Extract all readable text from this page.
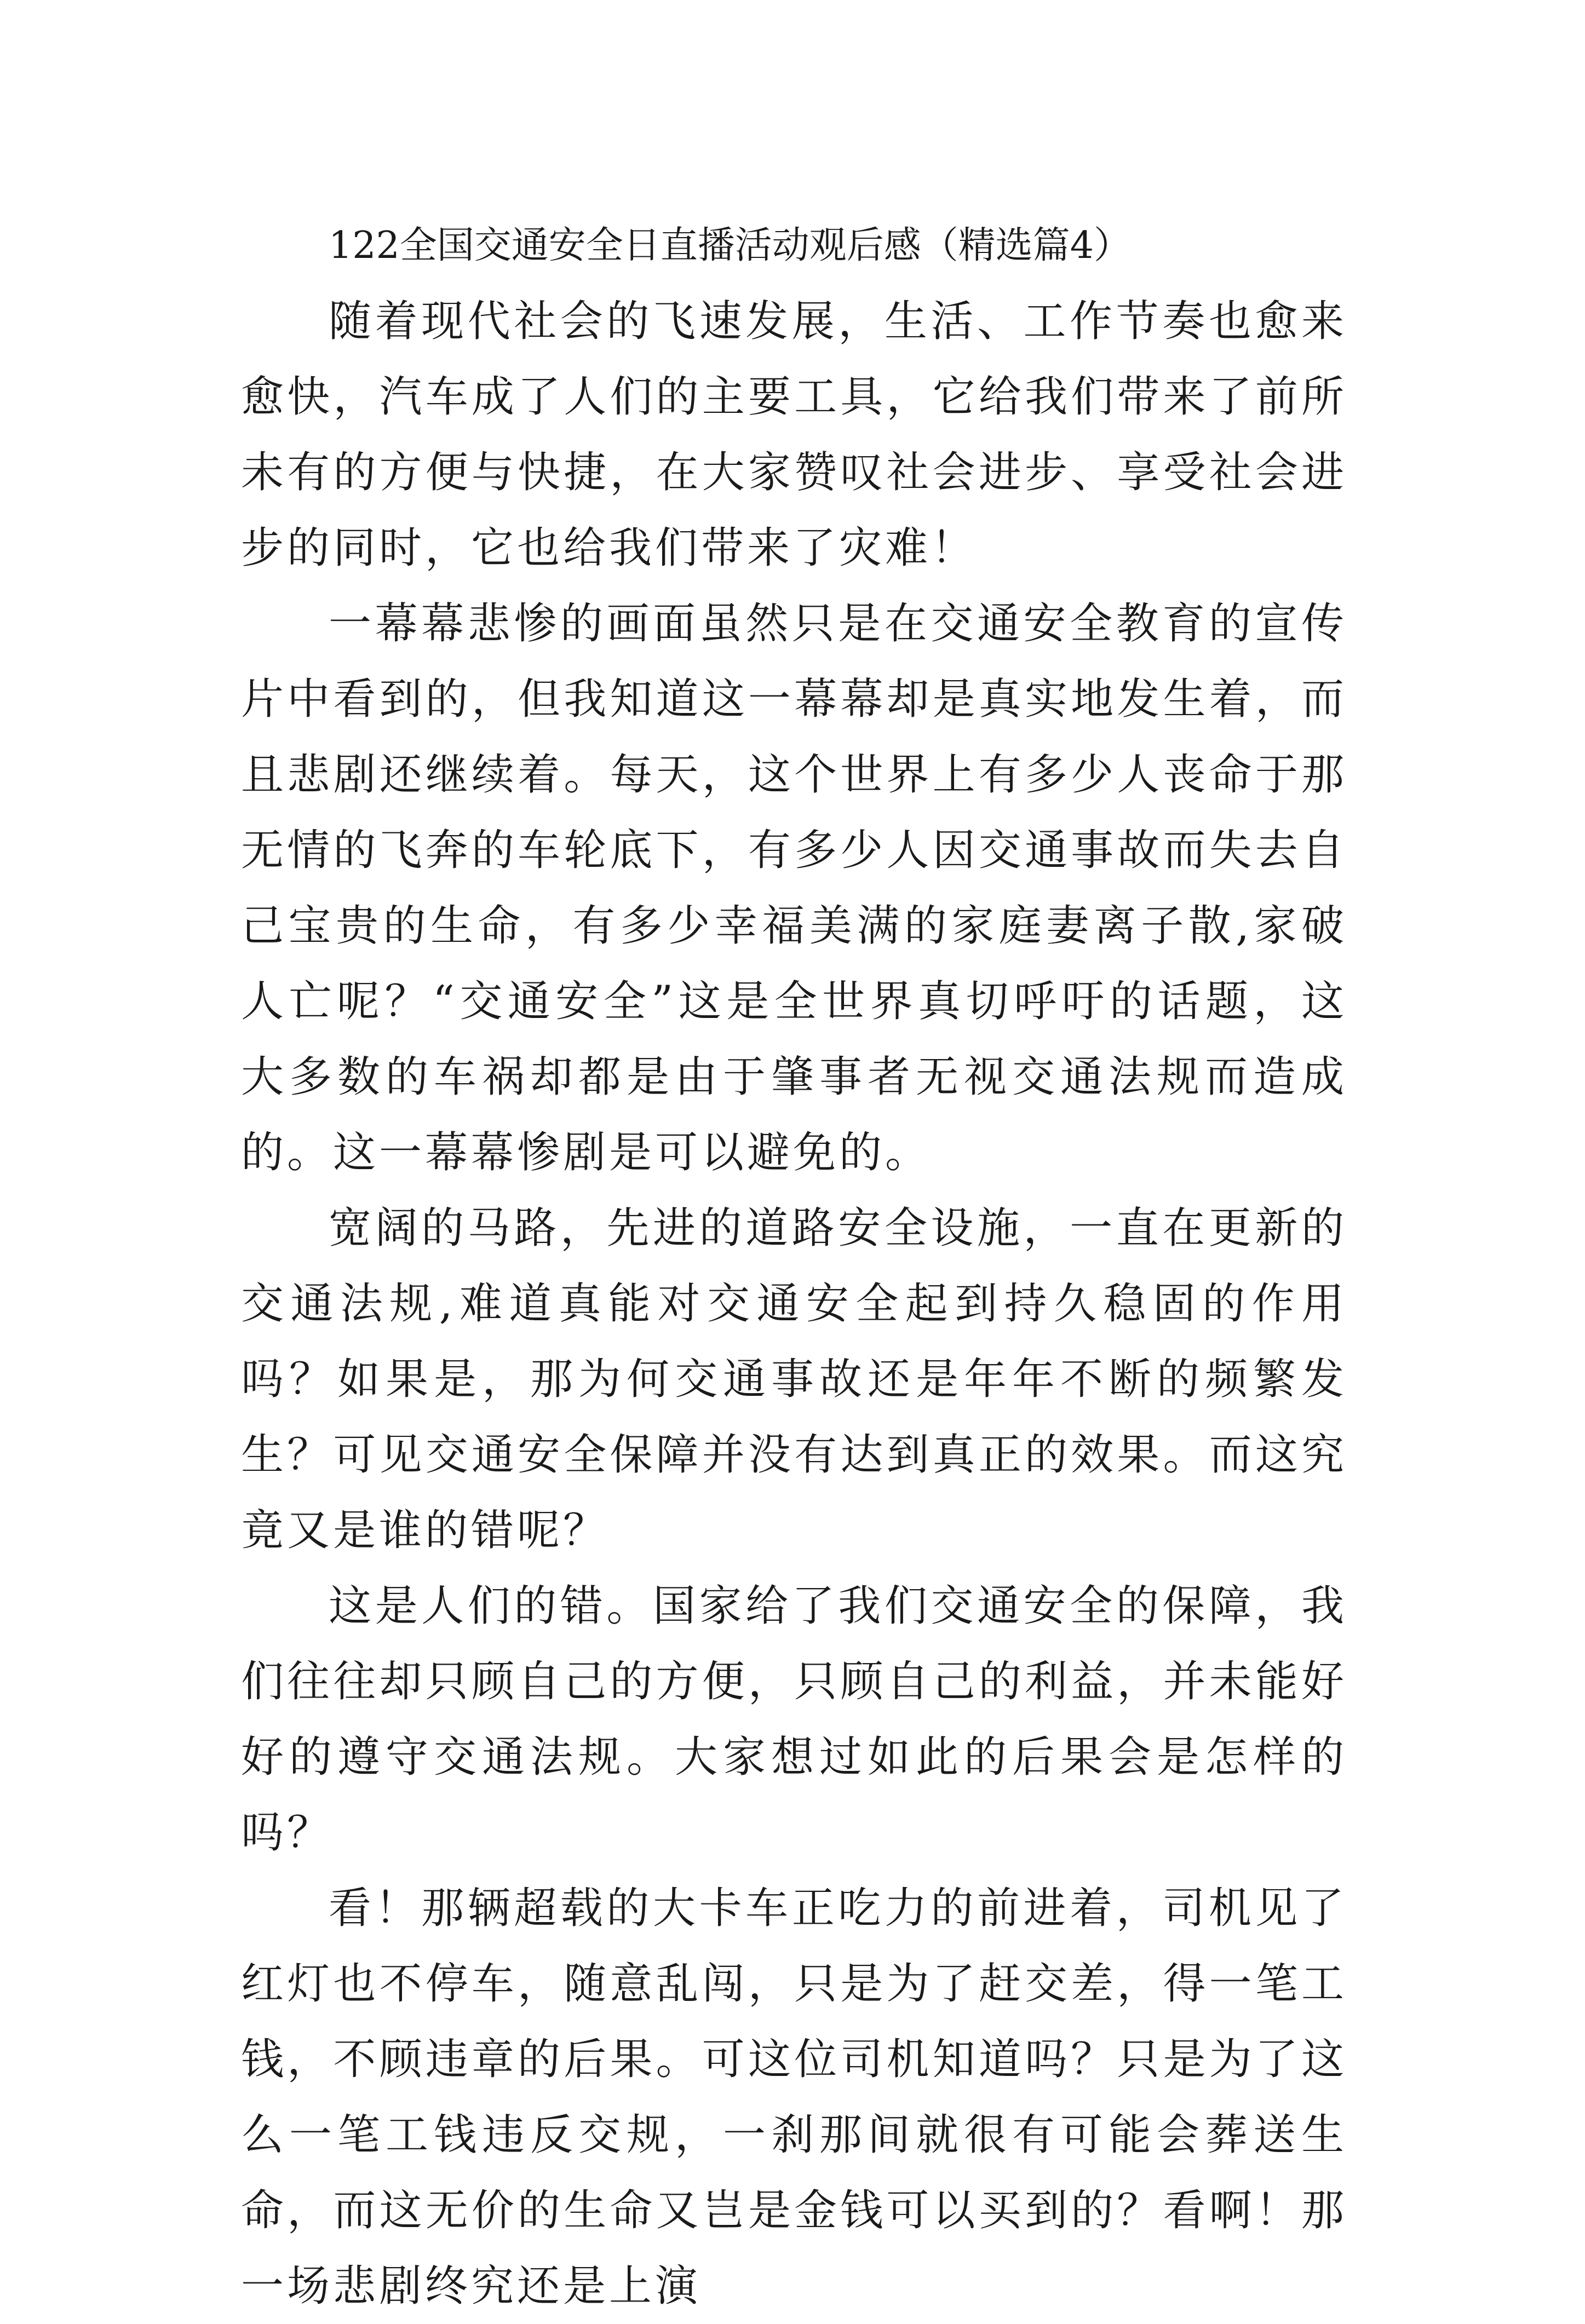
122全国交通安全日直播活动观后感（精选篇4）

随着现代社会的飞速发展，生活、工作节奏也愈来愈快，汽车成了人们的主要工具，它给我们带来了前所未有的方便与快捷，在大家赞叹社会进步、享受社会进步的同时，它也给我们带来了灾难！

一幕幕悲惨的画面虽然只是在交通安全教育的宣传片中看到的，但我知道这一幕幕却是真实地发生着，而且悲剧还继续着。每天，这个世界上有多少人丧命于那无情的飞奔的车轮底下，有多少人因交通事故而失去自己宝贵的生命，有多少幸福美满的家庭妻离子散,家破人亡呢？“交通安全”这是全世界真切呼吁的话题，这大多数的车祸却都是由于肇事者无视交通法规而造成的。这一幕幕惨剧是可以避免的。

宽阔的马路，先进的道路安全设施，一直在更新的交通法规,难道真能对交通安全起到持久稳固的作用吗？如果是，那为何交通事故还是年年不断的频繁发生？可见交通安全保障并没有达到真正的效果。而这究竟又是谁的错呢？

这是人们的错。国家给了我们交通安全的保障，我们往往却只顾自己的方便，只顾自己的利益，并未能好好的遵守交通法规。大家想过如此的后果会是怎样的吗？

看！那辆超载的大卡车正吃力的前进着，司机见了红灯也不停车，随意乱闯，只是为了赶交差，得一笔工钱，不顾违章的后果。可这位司机知道吗？只是为了这么一笔工钱违反交规，一刹那间就很有可能会葬送生命，而这无价的生命又岂是金钱可以买到的？看啊！那一场悲剧终究还是上演
